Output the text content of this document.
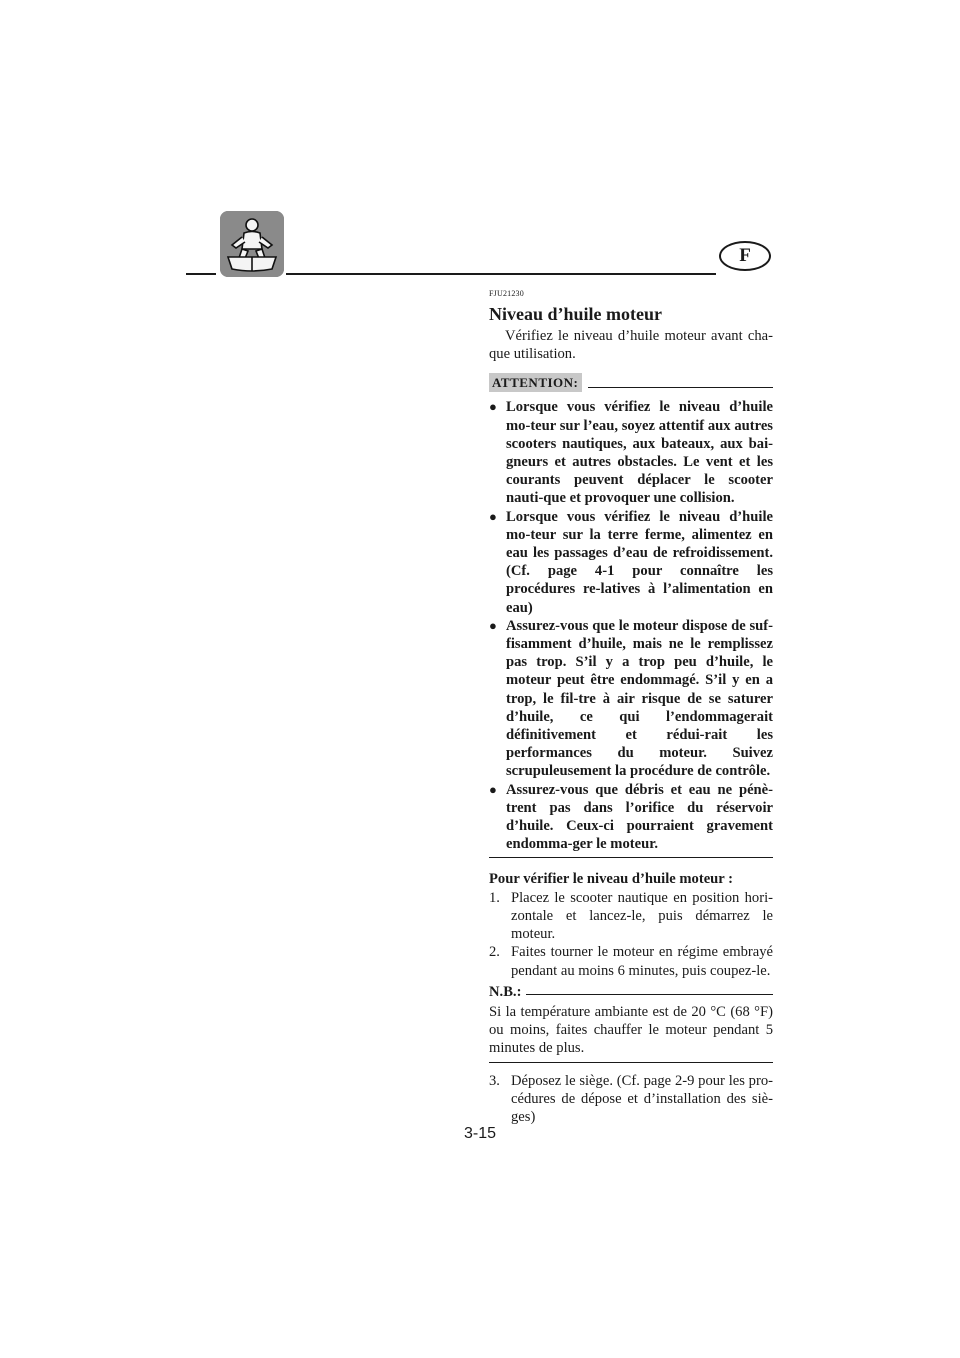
F
FJU21230
Niveau d’huile moteur

Vérifiez le niveau d’huile moteur avant cha-que utilisation.

ATTENTION:
● Lorsque vous vérifiez le niveau d’huile mo-teur sur l’eau, soyez attentif aux autres scooters nautiques, aux bateaux, aux bai-gneurs et autres obstacles. Le vent et les courants peuvent déplacer le scooter nauti-que et provoquer une collision.
● Lorsque vous vérifiez le niveau d’huile mo-teur sur la terre ferme, alimentez en eau les passages d’eau de refroidissement. (Cf. page 4-1 pour connaître les procédures re-latives à l’alimentation en eau)
● Assurez-vous que le moteur dispose de suf-fisamment d’huile, mais ne le remplissez pas trop. S’il y a trop peu d’huile, le moteur peut être endommagé. S’il y en a trop, le fil-tre à air risque de se saturer d’huile, ce qui l’endommagerait définitivement et rédui-rait les performances du moteur. Suivez scrupuleusement la procédure de contrôle.
● Assurez-vous que débris et eau ne pénè-trent pas dans l’orifice du réservoir d’huile. Ceux-ci pourraient gravement endomma-ger le moteur.

Pour vérifier le niveau d’huile moteur :

1. Placez le scooter nautique en position hori-zontale et lancez-le, puis démarrez le moteur.
2. Faites tourner le moteur en régime embrayé pendant au moins 6 minutes, puis coupez-le.
N.B.:

Si la température ambiante est de 20 °C (68 °F) ou moins, faites chauffer le moteur pendant 5 minutes de plus.

3. Déposez le siège. (Cf. page 2-9 pour les pro-cédures de dépose et d’installation des siè-ges)
3-15
